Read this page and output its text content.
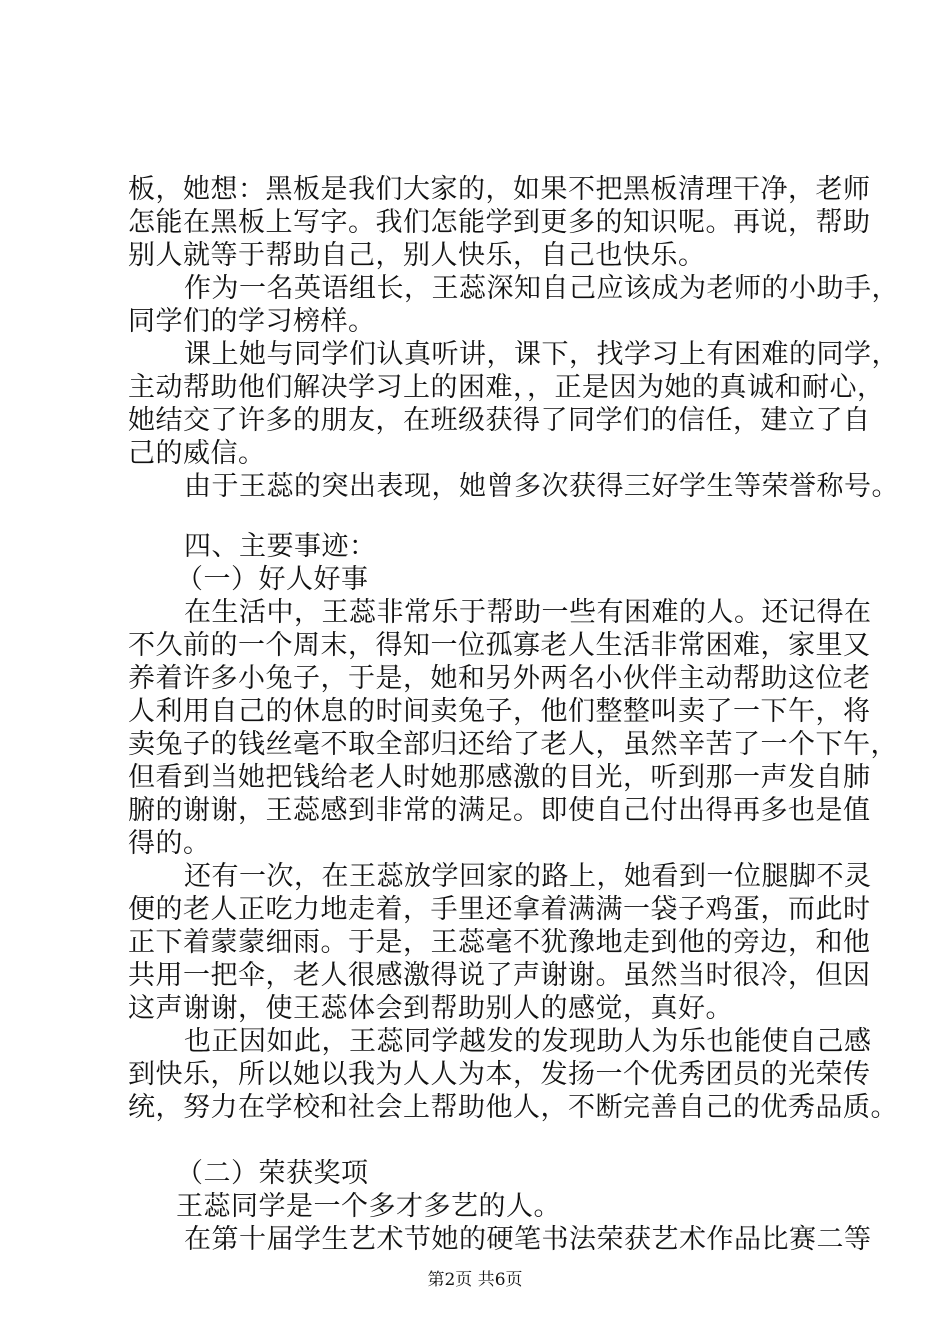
板，她想：黑板是我们大家的，如果不把黑板清理干净，老师
怎能在黑板上写字。我们怎能学到更多的知识呢。再说，帮助
别人就等于帮助自己，别人快乐，自己也快乐。
作为一名英语组长，王蕊深知自己应该成为老师的小助手，
同学们的学习榜样。
课上她与同学们认真听讲，课下，找学习上有困难的同学，
主动帮助他们解决学习上的困难，，正是因为她的真诚和耐心，
她结交了许多的朋友，在班级获得了同学们的信任，建立了自
己的威信。
由于王蕊的突出表现，她曾多次获得三好学生等荣誉称号。
四、主要事迹：
（一）好人好事
在生活中，王蕊非常乐于帮助一些有困难的人。还记得在
不久前的一个周末，得知一位孤寡老人生活非常困难，家里又
养着许多小兔子，于是，她和另外两名小伙伴主动帮助这位老
人利用自己的休息的时间卖兔子，他们整整叫卖了一下午，将
卖兔子的钱丝毫不取全部归还给了老人，虽然辛苦了一个下午，
但看到当她把钱给老人时她那感激的目光，听到那一声发自肺
腑的谢谢，王蕊感到非常的满足。即使自己付出得再多也是值
得的。
还有一次，在王蕊放学回家的路上，她看到一位腿脚不灵
便的老人正吃力地走着，手里还拿着满满一袋子鸡蛋，而此时
正下着蒙蒙细雨。于是，王蕊毫不犹豫地走到他的旁边，和他
共用一把伞，老人很感激得说了声谢谢。虽然当时很冷，但因
这声谢谢，使王蕊体会到帮助别人的感觉，真好。
也正因如此，王蕊同学越发的发现助人为乐也能使自己感
到快乐，所以她以我为人人为本，发扬一个优秀团员的光荣传
统，努力在学校和社会上帮助他人，不断完善自己的优秀品质。
（二）荣获奖项
王蕊同学是一个多才多艺的人。
在第十届学生艺术节她的硬笔书法荣获艺术作品比赛二等
第2页 共6页
